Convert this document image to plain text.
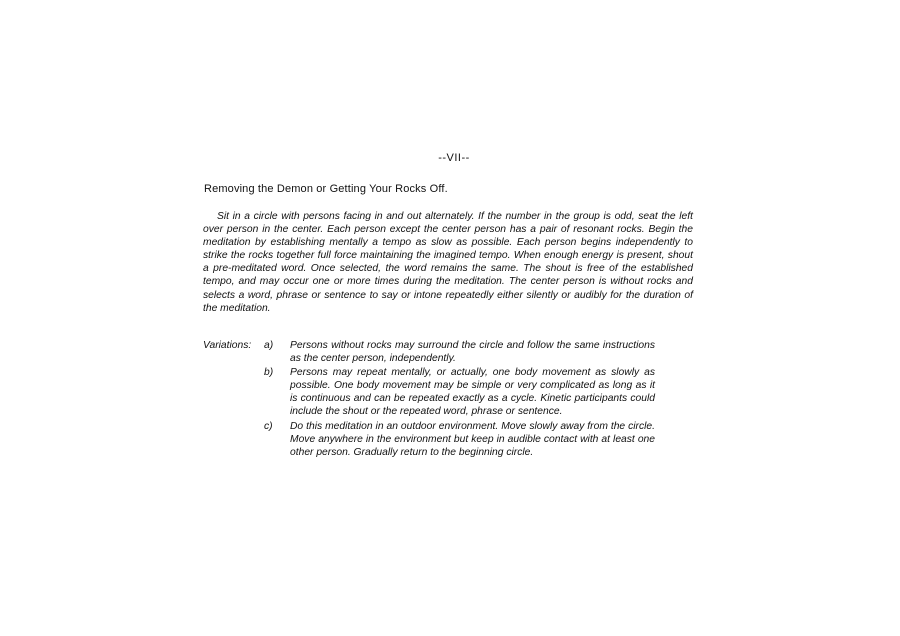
--VII--
Removing the Demon or Getting Your Rocks Off.

Sit in a circle with persons facing in and out alternately. If the number in the group is odd, seat the left over person in the center. Each person except the center person has a pair of resonant rocks. Begin the meditation by establishing mentally a tempo as slow as possible. Each person begins independently to strike the rocks together full force maintaining the imagined tempo. When enough energy is present, shout a pre-meditated word. Once selected, the word remains the same. The shout is free of the established tempo, and may occur one or more times during the meditation. The center person is without rocks and selects a word, phrase or sentence to say or intone repeatedly either silently or audibly for the duration of the meditation.

Variations: a) Persons without rocks may surround the circle and follow the same instructions as the center person, independently.
b) Persons may repeat mentally, or actually, one body movement as slowly as possible. One body movement may be simple or very complicated as long as it is continuous and can be repeated exactly as a cycle. Kinetic participants could include the shout or the repeated word, phrase or sentence.
c) Do this meditation in an outdoor environment. Move slowly away from the circle. Move anywhere in the environment but keep in audible contact with at least one other person. Gradually return to the beginning circle.
